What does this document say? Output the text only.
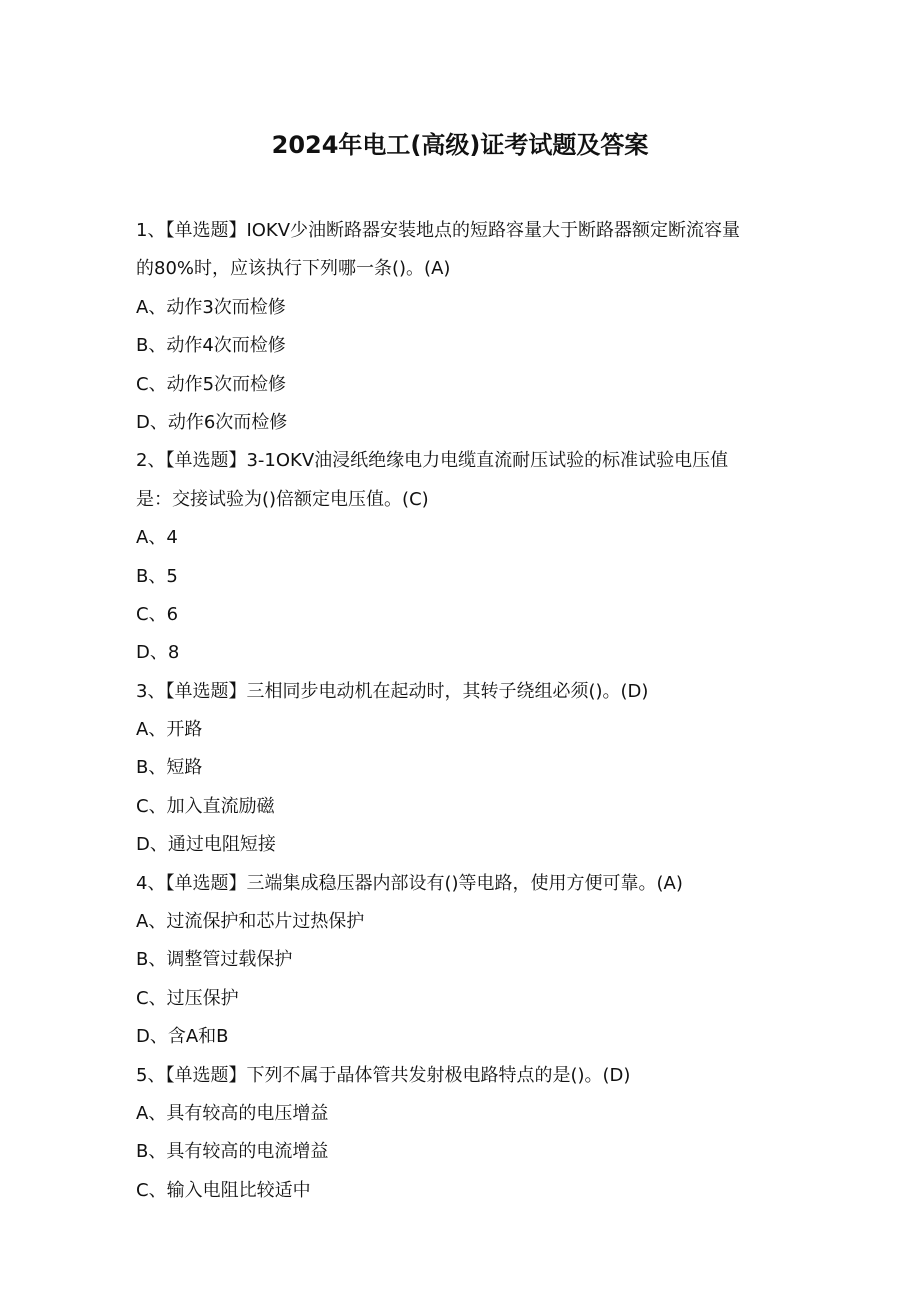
2024年电工(高级)证考试题及答案

1、【单选题】IOKV少油断路器安装地点的短路容量大于断路器额定断流容量

的80%时，应该执行下列哪一条()。(A)

A、动作3次而检修

B、动作4次而检修

C、动作5次而检修

D、动作6次而检修

2、【单选题】3-1OKV油浸纸绝缘电力电缆直流耐压试验的标准试验电压值

是：交接试验为()倍额定电压值。(C)

A、4

B、5

C、6

D、8

3、【单选题】三相同步电动机在起动时，其转子绕组必须()。(D)

A、开路

B、短路

C、加入直流励磁

D、通过电阻短接

4、【单选题】三端集成稳压器内部设有()等电路，使用方便可靠。(A)

A、过流保护和芯片过热保护

B、调整管过载保护

C、过压保护

D、含A和B

5、【单选题】下列不属于晶体管共发射极电路特点的是()。(D)

A、具有较高的电压增益

B、具有较高的电流增益

C、输入电阻比较适中
